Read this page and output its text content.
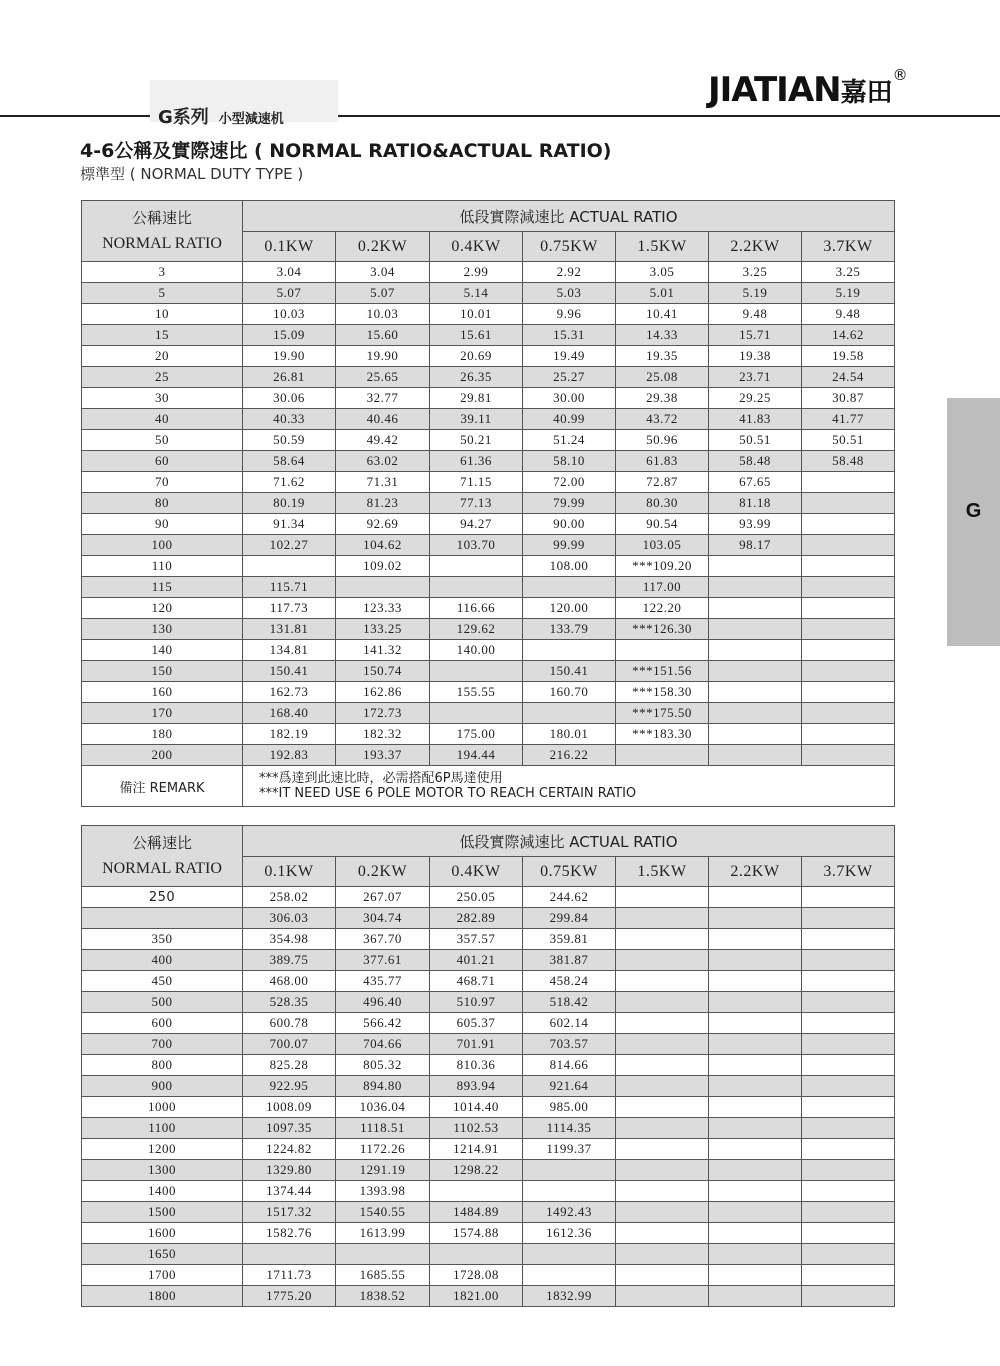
G系列 小型減速机
JIATIAN嘉田®
4-6公稱及實際速比 ( NORMAL RATIO&ACTUAL RATIO)
標準型 ( NORMAL DUTY TYPE )
G
公稱速比
NORMAL RATIO	低段實際減速比 ACTUAL RATIO						
	0.1KW	0.2KW	0.4KW	0.75KW	1.5KW	2.2KW	3.7KW
3	3.04	3.04	2.99	2.92	3.05	3.25	3.25
5	5.07	5.07	5.14	5.03	5.01	5.19	5.19
10	10.03	10.03	10.01	9.96	10.41	9.48	9.48
15	15.09	15.60	15.61	15.31	14.33	15.71	14.62
20	19.90	19.90	20.69	19.49	19.35	19.38	19.58
25	26.81	25.65	26.35	25.27	25.08	23.71	24.54
30	30.06	32.77	29.81	30.00	29.38	29.25	30.87
40	40.33	40.46	39.11	40.99	43.72	41.83	41.77
50	50.59	49.42	50.21	51.24	50.96	50.51	50.51
60	58.64	63.02	61.36	58.10	61.83	58.48	58.48
70	71.62	71.31	71.15	72.00	72.87	67.65	
80	80.19	81.23	77.13	79.99	80.30	81.18	
90	91.34	92.69	94.27	90.00	90.54	93.99	
100	102.27	104.62	103.70	99.99	103.05	98.17	
110		109.02		108.00	***109.20		
115	115.71				117.00		
120	117.73	123.33	116.66	120.00	122.20		
130	131.81	133.25	129.62	133.79	***126.30		
140	134.81	141.32	140.00				
150	150.41	150.74		150.41	***151.56		
160	162.73	162.86	155.55	160.70	***158.30		
170	168.40	172.73			***175.50		
180	182.19	182.32	175.00	180.01	***183.30		
200	192.83	193.37	194.44	216.22			
備注 REMARK	***爲達到此速比時，必需搭配6P馬達使用
***IT NEED USE 6 POLE MOTOR TO REACH CERTAIN RATIO						
公稱速比
NORMAL RATIO	低段實際減速比 ACTUAL RATIO						
	0.1KW	0.2KW	0.4KW	0.75KW	1.5KW	2.2KW	3.7KW
250	258.02	267.07	250.05	244.62			
	306.03	304.74	282.89	299.84			
350	354.98	367.70	357.57	359.81			
400	389.75	377.61	401.21	381.87			
450	468.00	435.77	468.71	458.24			
500	528.35	496.40	510.97	518.42			
600	600.78	566.42	605.37	602.14			
700	700.07	704.66	701.91	703.57			
800	825.28	805.32	810.36	814.66			
900	922.95	894.80	893.94	921.64			
1000	1008.09	1036.04	1014.40	985.00			
1100	1097.35	1118.51	1102.53	1114.35			
1200	1224.82	1172.26	1214.91	1199.37			
1300	1329.80	1291.19	1298.22				
1400	1374.44	1393.98					
1500	1517.32	1540.55	1484.89	1492.43			
1600	1582.76	1613.99	1574.88	1612.36			
1650							
1700	1711.73	1685.55	1728.08				
1800	1775.20	1838.52	1821.00	1832.99			
